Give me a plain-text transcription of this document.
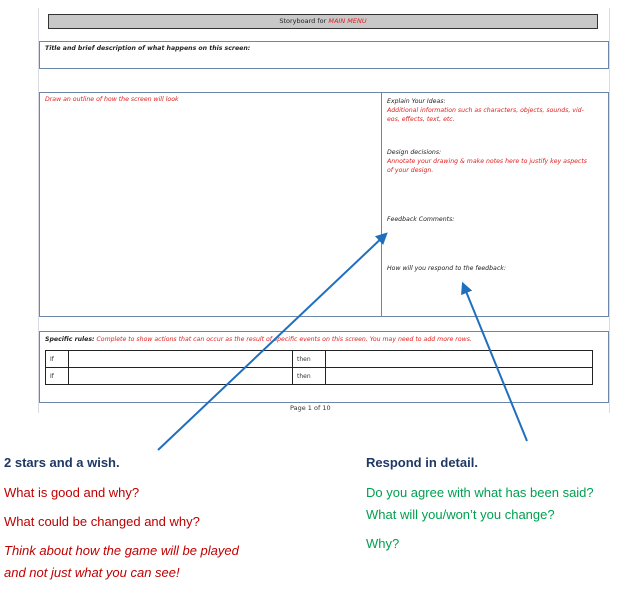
Storyboard for MAIN MENU
Title and brief description of what happens on this screen:
Draw an outline of how the screen will look	Explain Your Ideas:
Additional information such as characters, objects, sounds, vid-
eos, effects, text, etc.
Design decisions:
Annotate your drawing & make notes here to justify key aspects
of your design.
Feedback Comments:
How will you respond to the feedback:
Specific rules: Complete to show actions that can occur as the result of specific events on this screen. You may need to add more rows.
If		then	
If		then	
Page 1 of 10
2 stars and a wish.
What is good and why?
What could be changed and why?
Think about how the game will be played
and not just what you can see!
Respond in detail.
Do you agree with what has been said?
What will you/won’t you change?
Why?
